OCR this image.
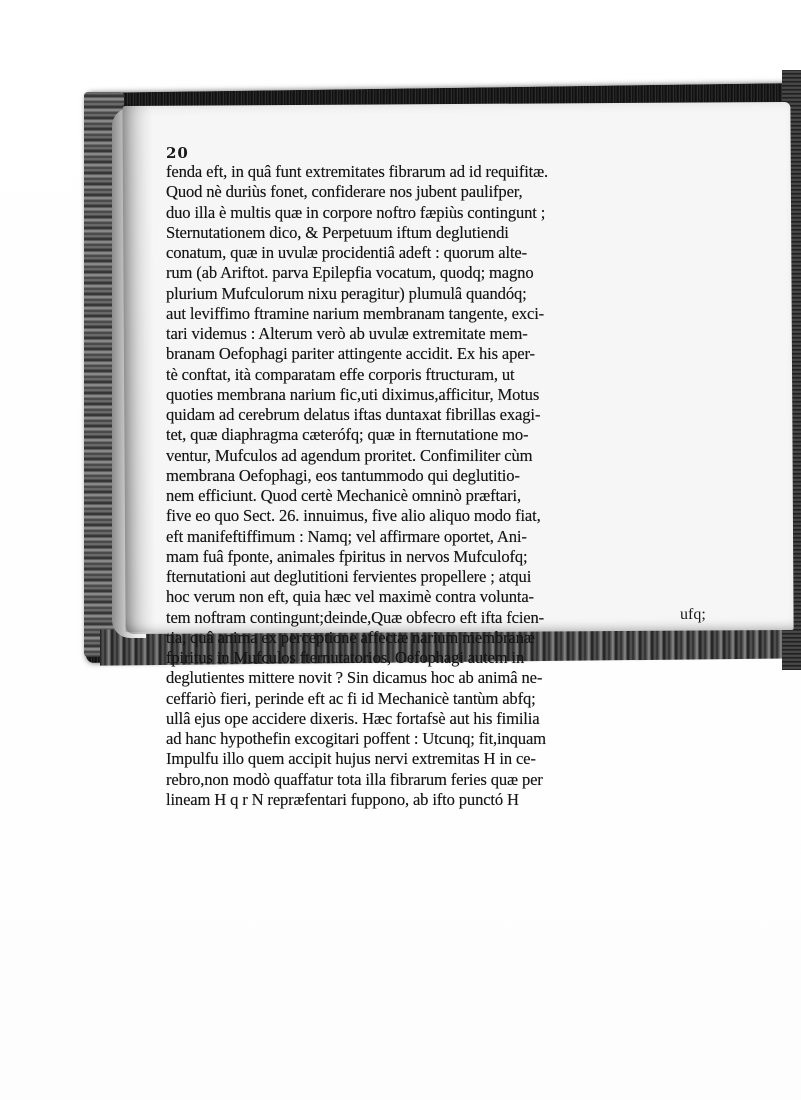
20
fenda eft, in quâ funt extremitates fibrarum ad id requifitæ.
Quod nè duriùs fonet, confiderare nos jubent paulifper,
duo illa è multis quæ in corpore noftro fæpiùs contingunt ;
Sternutationem dico, & Perpetuum iftum deglutiendi
conatum, quæ in uvulæ procidentiâ adeft : quorum alte-
rum (ab Ariftot. parva Epilepfia vocatum, quodq; magno
plurium Mufculorum nixu peragitur) plumulâ quandóq;
aut leviffimo ftramine narium membranam tangente, exci-
tari videmus : Alterum verò ab uvulæ extremitate mem-
branam Oefophagi pariter attingente accidit. Ex his aper-
tè conftat, ità comparatam effe corporis ftructuram, ut
quoties membrana narium fic,uti diximus,afficitur, Motus
quidam ad cerebrum delatus iftas duntaxat fibrillas exagi-
tet, quæ diaphragma cæterófq; quæ in fternutatione mo-
ventur, Mufculos ad agendum proritet. Confimiliter cùm
membrana Oefophagi, eos tantummodo qui deglutitio-
nem efficiunt. Quod certè Mechanicè omninò præftari,
five eo quo Sect. 26. innuimus, five alio aliquo modo fiat,
eft manifeftiffimum : Namq; vel affirmare oportet, Ani-
mam fuâ fponte, animales fpiritus in nervos Mufculofq;
fternutationi aut deglutitioni fervientes propellere ; atqui
hoc verum non eft, quia hæc vel maximè contra volunta-
tem noftram contingunt;deinde,Quæ obfecro eft ifta fcien-
tia, quâ anima ex perceptione affectæ narium membranæ
fpiritus in Mufculos fternutatorios, Oefophagi autem in
deglutientes mittere novit ? Sin dicamus hoc ab animâ ne-
ceffariò fieri, perinde eft ac fi id Mechanicè tantùm abfq;
ullâ ejus ope accidere dixeris. Hæc fortafsè aut his fimilia
ad hanc hypothefin excogitari poffent : Utcunq; fit,inquam
Impulfu illo quem accipit hujus nervi extremitas H in ce-
rebro,non modò quaffatur tota illa fibrarum feries quæ per
lineam H q r N repræfentari fuppono, ab ifto punctó H
ufq;
